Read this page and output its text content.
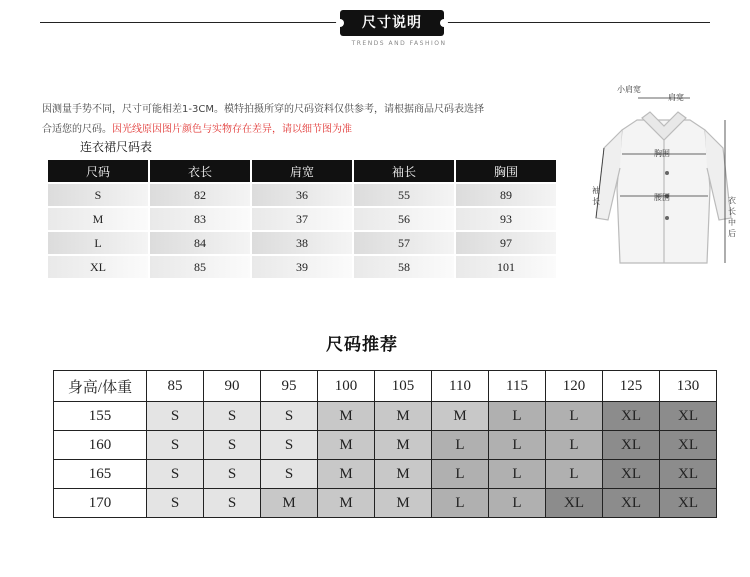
尺寸说明
TRENDS AND FASHION
因测量手势不同，尺寸可能相差1-3CM。模特拍摄所穿的尺码资料仅供参考，请根据商品尺码表选择
合适您的尺码。因光线原因图片颜色与实物存在差异，请以细节图为准
连衣裙尺码表
尺码		衣长		肩宽		袖长		胸围
S		82		36		55		89
M		83		37		56		93
L		84		38		57		97
XL		85		39		58		101
小肩宽
肩宽
胸围
袖长	腰围	衣长中后
尺码推荐
身高/体重	85	90	95	100	105	110	115	120	125	130
155	S	S	S	M	M	M	L	L	XL	XL
160	S	S	S	M	M	L	L	L	XL	XL
165	S	S	S	M	M	L	L	L	XL	XL
170	S	S	M	M	M	L	L	XL	XL	XL
